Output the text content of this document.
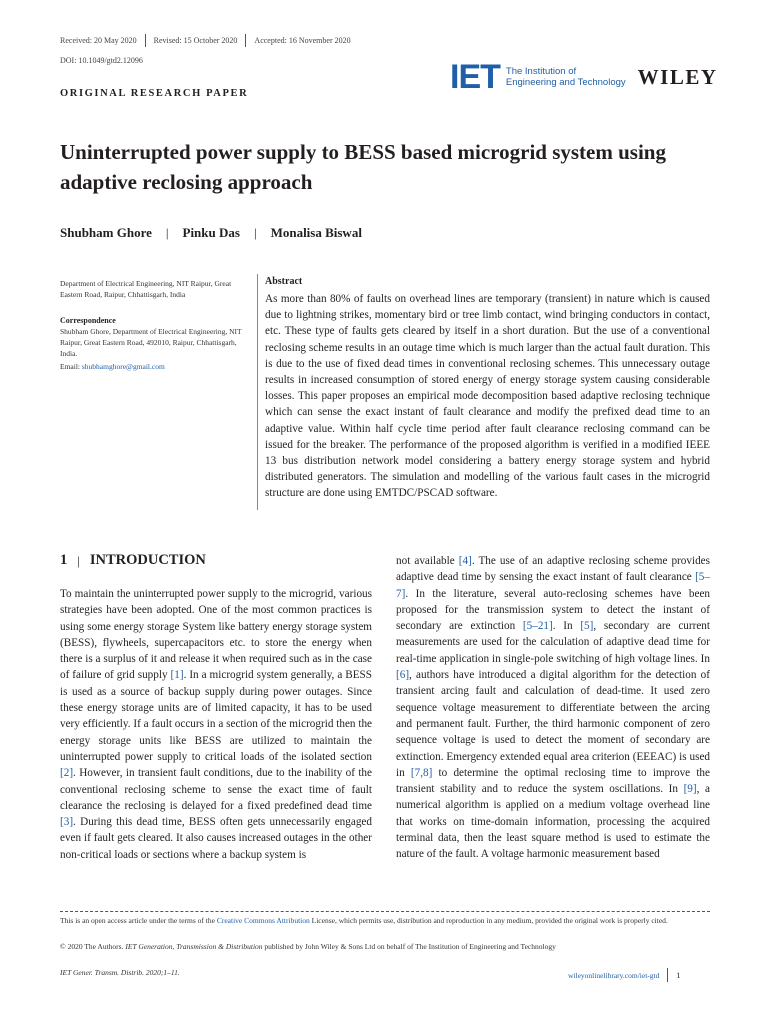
Received: 20 May 2020 Revised: 15 October 2020 Accepted: 16 November 2020
DOI: 10.1049/gtd2.12096
ORIGINAL RESEARCH PAPER	IET The Institution of
Engineering and Technology WILEY
Uninterrupted power supply to BESS based microgrid system using adaptive reclosing approach
Shubham Ghore | Pinku Das | Monalisa Biswal
Department of Electrical Engineering, NIT Raipur, Great Eastern Road, Raipur, Chhattisgarh, India
Correspondence
Shubham Ghore, Department of Electrical Engineering, NIT Raipur, Great Eastern Road, 492010, Raipur, Chhattisgarh, India.
Email: shubhamghore@gmail.com
Abstract
As more than 80% of faults on overhead lines are temporary (transient) in nature which is caused due to lightning strikes, momentary bird or tree limb contact, wind bringing conductors in contact, etc. These type of faults gets cleared by itself in a short duration. But the use of a conventional reclosing scheme results in an outage time which is much larger than the actual fault duration. This is due to the use of fixed dead times in conventional reclosing schemes. This unnecessary outage results in increased consumption of stored energy of energy storage system causing considerable losses. This paper proposes an empirical mode decomposition based adaptive reclosing technique which can sense the exact instant of fault clearance and modify the prefixed dead time to an adaptive value. Within half cycle time period after fault clearance reclosing command can be issued for the breaker. The performance of the proposed algorithm is verified in a modified IEEE 13 bus distribution network model considering a battery energy storage system and hybrid distributed generators. The simulation and modelling of the various fault cases in the microgrid structure are done using EMTDC/PSCAD software.
1 | INTRODUCTION
To maintain the uninterrupted power supply to the microgrid, various strategies have been adopted. One of the most common practices is using some energy storage System like battery energy storage system (BESS), flywheels, supercapacitors etc. to store the energy when there is a surplus of it and release it when required such as in the case of failure of grid supply [1]. In a microgrid system generally, a BESS is used as a source of backup supply during power outages. Since these energy storage units are of limited capacity, it has to be used very efficiently. If a fault occurs in a section of the microgrid then the energy storage units like BESS are utilized to maintain the uninterrupted power supply to critical loads of the isolated section [2]. However, in transient fault conditions, due to the inability of the conventional reclosing scheme to sense the exact time of fault clearance the reclosing is delayed for a fixed predefined dead time [3]. During this dead time, BESS often gets unnecessarily engaged even if fault gets cleared. It also causes increased outages in the other non-critical loads or sections where a backup system is
not available [4]. The use of an adaptive reclosing scheme provides adaptive dead time by sensing the exact instant of fault clearance [5–7]. In the literature, several auto-reclosing schemes have been proposed for the transmission system to detect the instant of secondary are extinction [5–21]. In [5], secondary are current measurements are used for the calculation of adaptive dead time for real-time application in single-pole switching of high voltage lines. In [6], authors have introduced a digital algorithm for the detection of transient arcing fault and calculation of dead-time. It used zero sequence voltage measurement to differentiate between the arcing and permanent fault. Further, the third harmonic component of zero sequence voltage is used to detect the moment of secondary are extinction. Emergency extended equal area criterion (EEEAC) is used in [7,8] to determine the optimal reclosing time to improve the transient stability and to reduce the system oscillations. In [9], a numerical algorithm is applied on a medium voltage overhead line that works on time-domain information, processing the acquired terminal data, then the least square method is used to estimate the nature of the fault. A voltage harmonic measurement based
This is an open access article under the terms of the Creative Commons Attribution License, which permits use, distribution and reproduction in any medium, provided the original work is properly cited.
© 2020 The Authors. IET Generation, Transmission & Distribution published by John Wiley & Sons Ltd on behalf of The Institution of Engineering and Technology
IET Gener. Transm. Distrib. 2020;1–11.	wileyonlinelibrary.com/iet-gtd 1
